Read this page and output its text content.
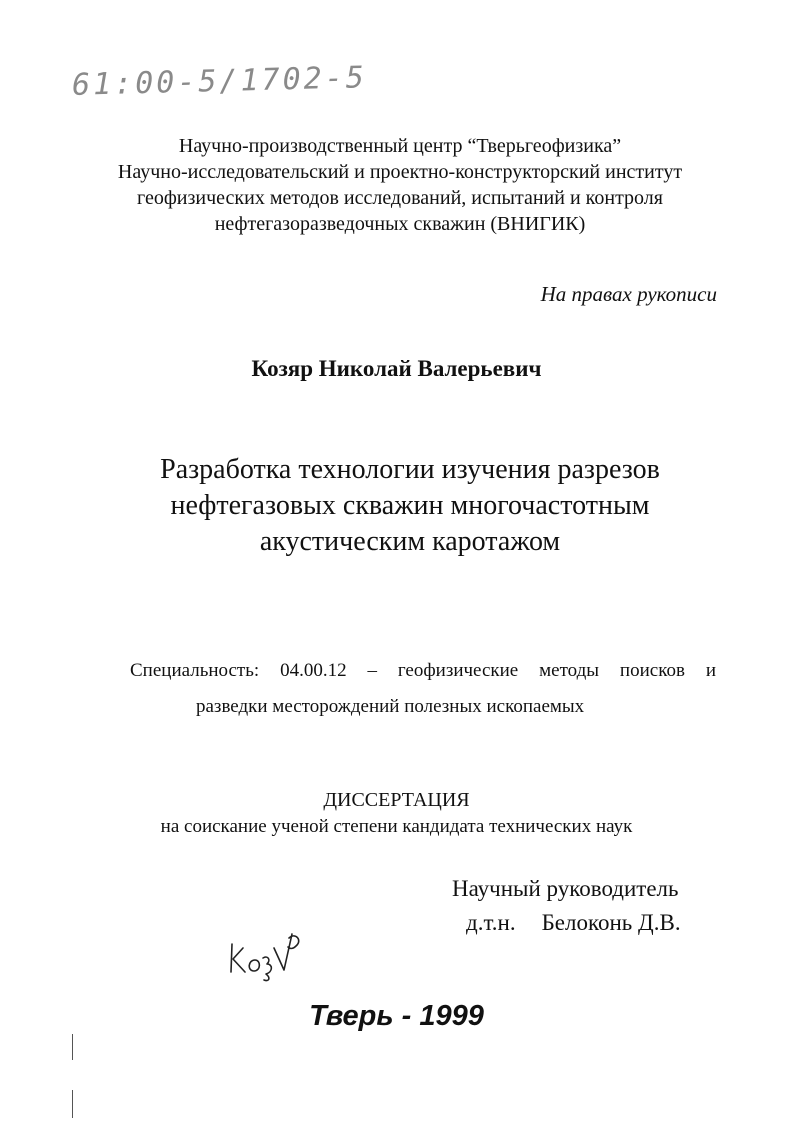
61:00-5/1702-5
Научно-производственный центр “Тверьгеофизика”
Научно-исследовательский и проектно-конструкторский институт
геофизических методов исследований, испытаний и контроля
нефтегазоразведочных скважин (ВНИГИК)
На правах рукописи
Козяр Николай Валерьевич
Разработка технологии изучения разрезов
нефтегазовых скважин многочастотным
акустическим каротажом
Специальность: 04.00.12 – геофизические методы поисков и
разведки месторождений полезных ископаемых
ДИССЕРТАЦИЯ
на соискание ученой степени кандидата технических наук
Научный руководитель
д.т.н. Белоконь Д.В.
Тверь - 1999
